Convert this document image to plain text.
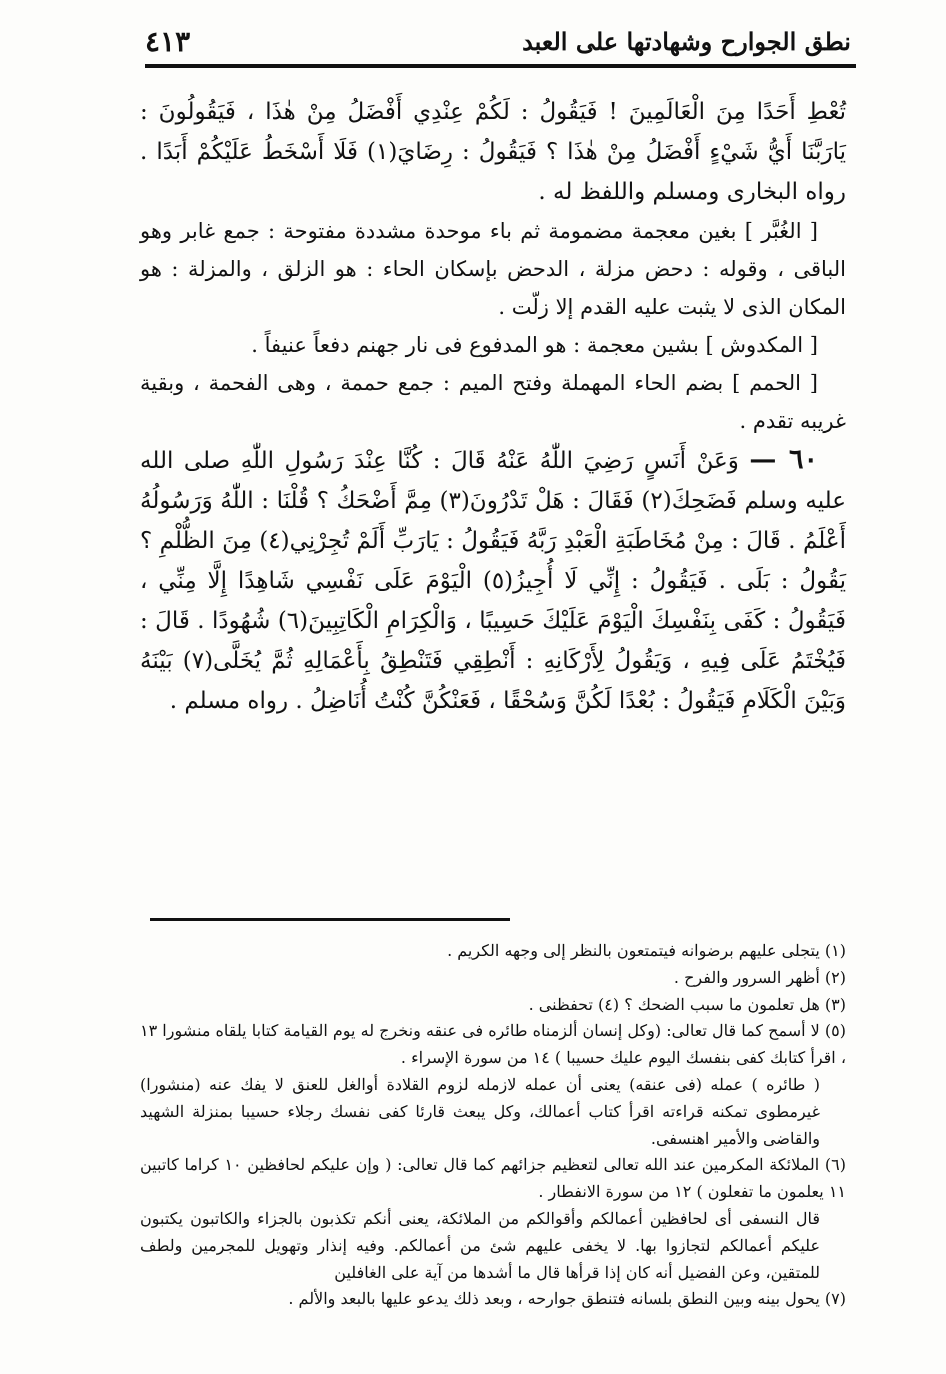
نطق الجوارح وشهادتها على العبد
٤١٣

تُعْطِ أَحَدًا مِنَ الْعَالَمِينَ ! فَيَقُولُ : لَكُمْ عِنْدِي أَفْضَلُ مِنْ هٰذَا ، فَيَقُولُونَ : يَارَبَّنَا أَيُّ شَيْءٍ أَفْضَلُ مِنْ هٰذَا ؟ فَيَقُولُ : رِضَايَ(١) فَلَا أَسْخَطُ عَلَيْكُمْ أَبَدًا . رواه البخارى ومسلم واللفظ له .

[ الغُبَّر ] بغين معجمة مضمومة ثم باء موحدة مشددة مفتوحة : جمع غابر وهو الباقى ، وقوله : دحض مزلة ، الدحض بإسكان الحاء : هو الزلق ، والمزلة : هو المكان الذى لا يثبت عليه القدم إلا زلّت .

[ المكدوش ] بشين معجمة : هو المدفوع فى نار جهنم دفعاً عنيفاً .

[ الحمم ] بضم الحاء المهملة وفتح الميم : جمع حممة ، وهى الفحمة ، وبقية غريبه تقدم .

٦٠ — وَعَنْ أَنَسٍ رَضِيَ اللّٰهُ عَنْهُ قَالَ : كُنَّا عِنْدَ رَسُولِ اللّٰهِ صلى الله عليه وسلم فَضَحِكَ(٢) فَقَالَ : هَلْ تَدْرُونَ(٣) مِمَّ أَضْحَكُ ؟ قُلْنَا : اللّٰهُ وَرَسُولُهُ أَعْلَمُ . قَالَ : مِنْ مُخَاطَبَةِ الْعَبْدِ رَبَّهُ فَيَقُولُ : يَارَبِّ أَلَمْ تُجِرْنِي(٤) مِنَ الظُّلْمِ ؟ يَقُولُ : بَلَى . فَيَقُولُ : إِنِّي لَا أُجِيزُ(٥) الْيَوْمَ عَلَى نَفْسِي شَاهِدًا إِلَّا مِنِّي ، فَيَقُولُ : كَفَى بِنَفْسِكَ الْيَوْمَ عَلَيْكَ حَسِيبًا ، وَالْكِرَامِ الْكَاتِبِينَ(٦) شُهُودًا . قَالَ : فَيُخْتَمُ عَلَى فِيهِ ، وَيَقُولُ لِأَرْكَانِهِ : أَنْطِقِي فَتَنْطِقُ بِأَعْمَالِهِ ثُمَّ يُخَلَّى(٧) بَيْنَهُ وَبَيْنَ الْكَلَامِ فَيَقُولُ : بُعْدًا لَكُنَّ وَسُحْقًا ، فَعَنْكُنَّ كُنْتُ أُنَاضِلُ . رواه مسلم .

(١) يتجلى عليهم برضوانه فيتمتعون بالنظر إلى وجهه الكريم .

(٢) أظهر السرور والفرح .

(٣) هل تعلمون ما سبب الضحك ؟ (٤) تحفظنى .

(٥) لا أسمح كما قال تعالى: (وكل إنسان ألزمناه طائره فى عنقه ونخرج له يوم القيامة كتابا يلقاه منشورا ١٣ ، اقرأ كتابك كفى بنفسك اليوم عليك حسيبا ) ١٤ من سورة الإسراء .

( طائره ) عمله (فى عنقه) يعنى أن عمله لازمله لزوم القلادة أوالغل للعنق لا يفك عنه (منشورا) غيرمطوى تمكنه قراءته اقرأ كتاب أعمالك، وكل يبعث قارئا كفى نفسك رجلاء حسيبا بمنزلة الشهيد والقاضى والأمير اهنسفى.

(٦) الملائكة المكرمين عند الله تعالى لتعظيم جزائهم كما قال تعالى: ( وإن عليكم لحافظين ١٠ كراما كاتبين ١١ يعلمون ما تفعلون ) ١٢ من سورة الانفطار .

قال النسفى أى لحافظين أعمالكم وأقوالكم من الملائكة، يعنى أنكم تكذبون بالجزاء والكاتبون يكتبون عليكم أعمالكم لتجازوا بها. لا يخفى عليهم شئ من أعمالكم. وفيه إنذار وتهويل للمجرمين ولطف للمتقين، وعن الفضيل أنه كان إذا قرأها قال ما أشدها من آية على الغافلين

(٧) يحول بينه وبين النطق بلسانه فتنطق جوارحه ، وبعد ذلك يدعو عليها بالبعد والألم .
